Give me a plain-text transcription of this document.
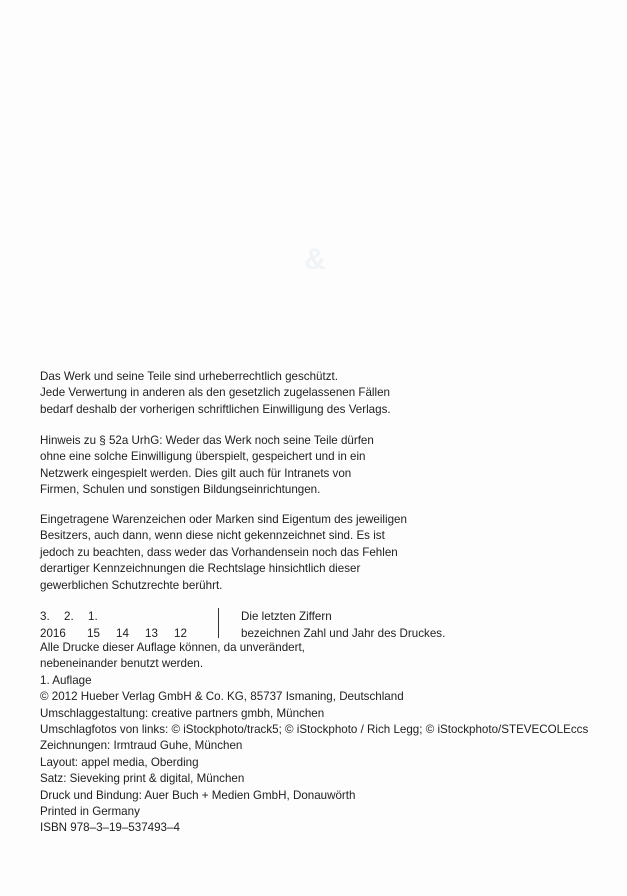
&

Das Werk und seine Teile sind urheberrechtlich geschützt.

Jede Verwertung in anderen als den gesetzlich zugelassenen Fällen

bedarf deshalb der vorherigen schriftlichen Einwilligung des Verlags.

Hinweis zu § 52a UrhG: Weder das Werk noch seine Teile dürfen

ohne eine solche Einwilligung überspielt, gespeichert und in ein

Netzwerk eingespielt werden. Dies gilt auch für Intranets von

Firmen, Schulen und sonstigen Bildungseinrichtungen.

Eingetragene Warenzeichen oder Marken sind Eigentum des jeweiligen

Besitzers, auch dann, wenn diese nicht gekennzeichnet sind. Es ist

jedoch zu beachten, dass weder das Vorhandensein noch das Fehlen

derartiger Kennzeichnungen die Rechtslage hinsichtlich dieser

gewerblichen Schutzrechte berührt.

3.	2.	1.
2016	15	14	13	12

Die letzten Ziffern

bezeichnen Zahl und Jahr des Druckes.

Alle Drucke dieser Auflage können, da unverändert,

nebeneinander benutzt werden.

1. Auflage

© 2012 Hueber Verlag GmbH & Co. KG, 85737 Ismaning, Deutschland

Umschlaggestaltung: creative partners gmbh, München

Umschlagfotos von links: © iStockphoto/track5; © iStockphoto / Rich Legg; © iStockphoto/STEVECOLEccs

Zeichnungen: Irmtraud Guhe, München

Layout: appel media, Oberding

Satz: Sieveking print & digital, München

Druck und Bindung: Auer Buch + Medien GmbH, Donauwörth

Printed in Germany

ISBN 978–3–19–537493–4
